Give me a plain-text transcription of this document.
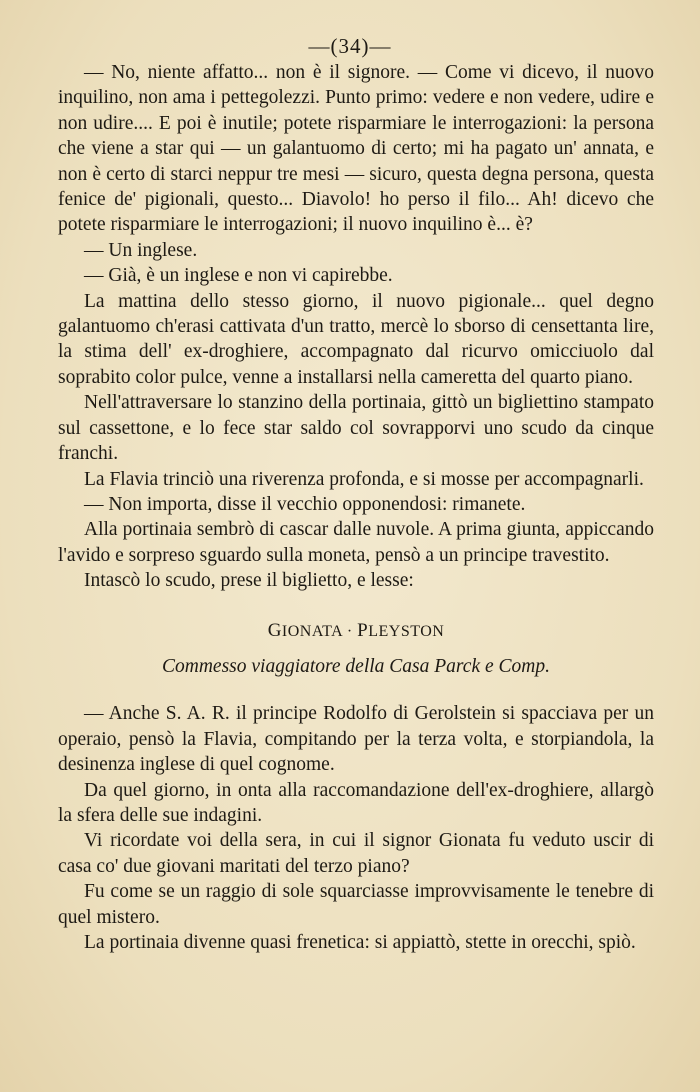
—(34)—

— No, niente affatto... non è il signore. — Come vi dicevo, il nuovo inquilino, non ama i pettegolezzi. Punto primo: vedere e non vedere, udire e non udire.... E poi è inutile; potete risparmiare le interrogazioni: la persona che viene a star qui — un galantuomo di certo; mi ha pagato un' annata, e non è certo di starci neppur tre mesi — sicuro, questa degna persona, questa fenice de' pigionali, questo... Diavolo! ho perso il filo... Ah! dicevo che potete risparmiare le interrogazioni; il nuovo inquilino è... è?

— Un inglese.

— Già, è un inglese e non vi capirebbe.

La mattina dello stesso giorno, il nuovo pigionale... quel degno galantuomo ch'erasi cattivata d'un tratto, mercè lo sborso di censettanta lire, la stima dell' ex-droghiere, accompagnato dal ricurvo omicciuolo dal soprabito color pulce, venne a installarsi nella cameretta del quarto piano.

Nell'attraversare lo stanzino della portinaia, gittò un bigliettino stampato sul cassettone, e lo fece star saldo col sovrapporvi uno scudo da cinque franchi.

La Flavia trinciò una riverenza profonda, e si mosse per accompagnarli.

— Non importa, disse il vecchio opponendosi: rimanete.

Alla portinaia sembrò di cascar dalle nuvole. A prima giunta, appiccando l'avido e sorpreso sguardo sulla moneta, pensò a un principe travestito.

Intascò lo scudo, prese il biglietto, e lesse:

GIONATA · PLEYSTON
Commesso viaggiatore della Casa Parck e Comp.

— Anche S. A. R. il principe Rodolfo di Gerolstein si spacciava per un operaio, pensò la Flavia, compitando per la terza volta, e storpiandola, la desinenza inglese di quel cognome.

Da quel giorno, in onta alla raccomandazione dell'ex-droghiere, allargò la sfera delle sue indagini.

Vi ricordate voi della sera, in cui il signor Gionata fu veduto uscir di casa co' due giovani maritati del terzo piano?

Fu come se un raggio di sole squarciasse improvvisamente le tenebre di quel mistero.

La portinaia divenne quasi frenetica: si appiattò, stette in orecchi, spiò.
